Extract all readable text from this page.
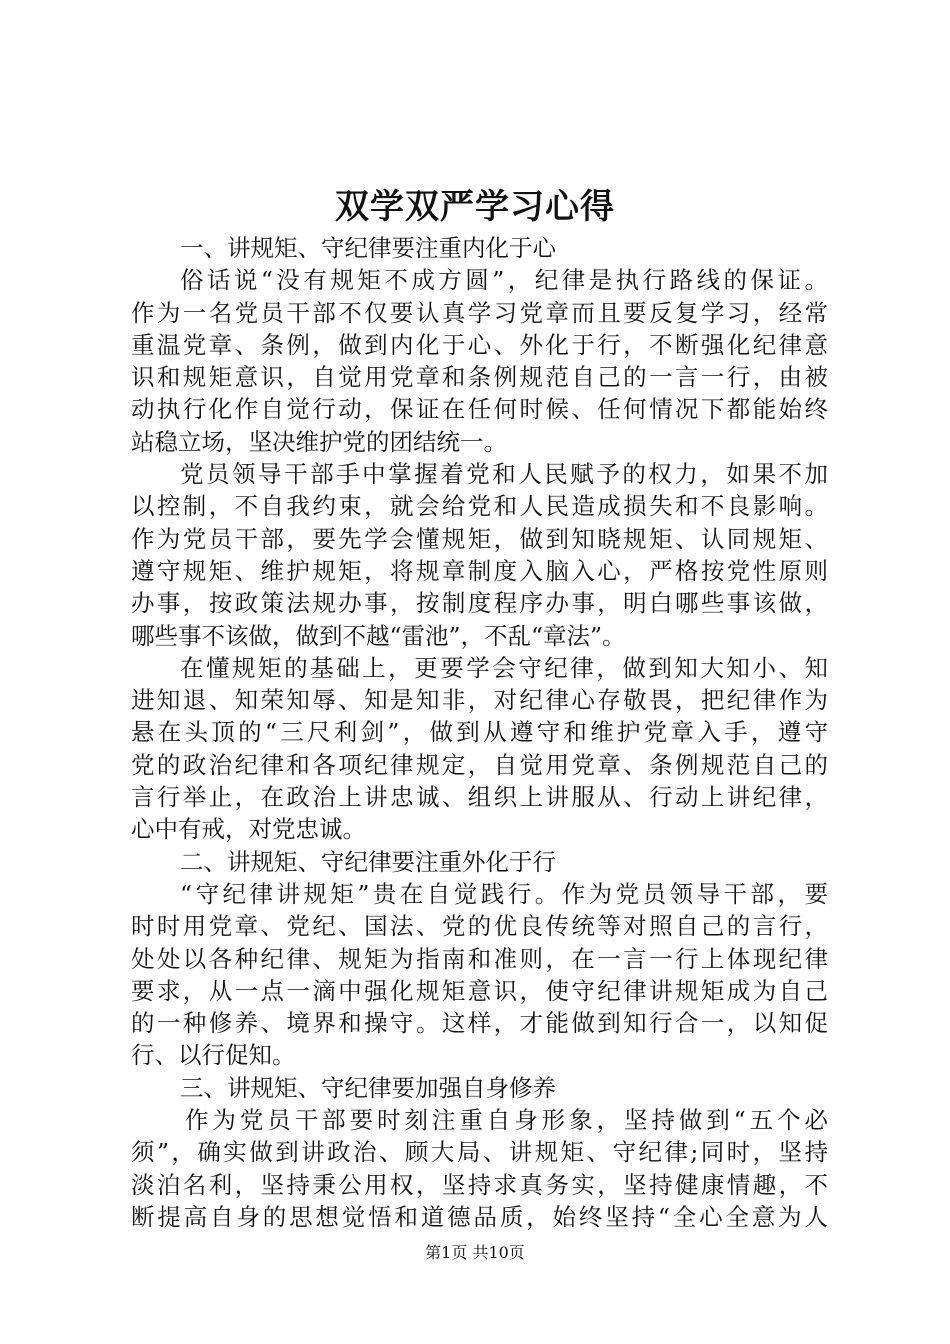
双学双严学习心得
一、讲规矩、守纪律要注重内化于心
俗话说“没有规矩不成方圆”，纪律是执行路线的保证。
作为一名党员干部不仅要认真学习党章而且要反复学习，经常
重温党章、条例，做到内化于心、外化于行，不断强化纪律意
识和规矩意识，自觉用党章和条例规范自己的一言一行，由被
动执行化作自觉行动，保证在任何时候、任何情况下都能始终
站稳立场，坚决维护党的团结统一。
党员领导干部手中掌握着党和人民赋予的权力，如果不加
以控制，不自我约束，就会给党和人民造成损失和不良影响。
作为党员干部，要先学会懂规矩，做到知晓规矩、认同规矩、
遵守规矩、维护规矩，将规章制度入脑入心，严格按党性原则
办事，按政策法规办事，按制度程序办事，明白哪些事该做，
哪些事不该做，做到不越“雷池”，不乱“章法”。
在懂规矩的基础上，更要学会守纪律，做到知大知小、知
进知退、知荣知辱、知是知非，对纪律心存敬畏，把纪律作为
悬在头顶的“三尺利剑”，做到从遵守和维护党章入手，遵守
党的政治纪律和各项纪律规定，自觉用党章、条例规范自己的
言行举止，在政治上讲忠诚、组织上讲服从、行动上讲纪律，
心中有戒，对党忠诚。
二、讲规矩、守纪律要注重外化于行
“守纪律讲规矩”贵在自觉践行。作为党员领导干部，要
时时用党章、党纪、国法、党的优良传统等对照自己的言行，
处处以各种纪律、规矩为指南和准则，在一言一行上体现纪律
要求，从一点一滴中强化规矩意识，使守纪律讲规矩成为自己
的一种修养、境界和操守。这样，才能做到知行合一，以知促
行、以行促知。
三、讲规矩、守纪律要加强自身修养
作为党员干部要时刻注重自身形象，坚持做到“五个必
须”，确实做到讲政治、顾大局、讲规矩、守纪律;同时，坚持
淡泊名利，坚持秉公用权，坚持求真务实，坚持健康情趣，不
断提高自身的思想觉悟和道德品质，始终坚持“全心全意为人
第1页 共10页
